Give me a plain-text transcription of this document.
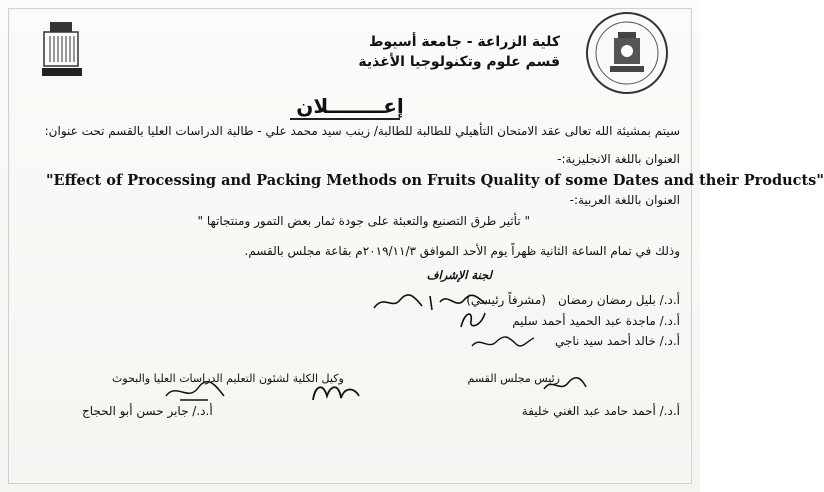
كلية الزراعة - جامعة أسيوط
قسم علوم وتكنولوجيا الأغذية
إعــــــــلان
سيتم بمشيئة الله تعالى عقد الامتحان التأهيلي للطالبة للطالبة/ زينب سيد محمد علي - طالبة الدراسات العليا بالقسم تحت عنوان:
العنوان باللغة الانجليزية:-
"Effect of Processing and Packing Methods on Fruits Quality of some Dates and their Products"
العنوان باللغة العربية:-
" تأثير طرق التصنيع والتعبئة على جودة ثمار بعض التمور ومنتجاتها "
وذلك في تمام الساعة الثانية ظهراً يوم الأحد الموافق ٢٠١٩/١١/٣م بقاعة مجلس بالقسم.
لجنة الإشراف
أ.د./ بليل رمضان رمضان
(مشرفاً رئيسي)
أ.د./ ماجدة عبد الحميد أحمد سليم
أ.د./ خالد أحمد سيد ناجي
رئيس مجلس القسم
أ.د./ أحمد حامد عبد الغني خليفة
وكيل الكلية لشئون التعليم الدراسات العليا والبحوث
أ.د./ جابر حسن أبو الحجاج
